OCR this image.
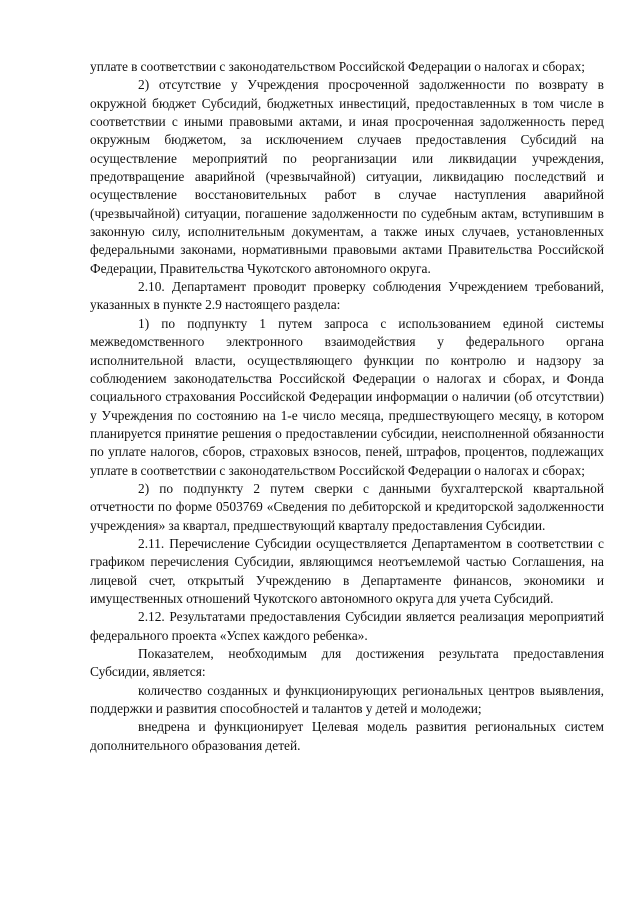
уплате в соответствии с законодательством Российской Федерации о налогах и сборах;

2) отсутствие у Учреждения просроченной задолженности по возврату в окружной бюджет Субсидий, бюджетных инвестиций, предоставленных в том числе в соответствии с иными правовыми актами, и иная просроченная задолженность перед окружным бюджетом, за исключением случаев предоставления Субсидий на осуществление мероприятий по реорганизации или ликвидации учреждения, предотвращение аварийной (чрезвычайной) ситуации, ликвидацию последствий и осуществление восстановительных работ в случае наступления аварийной (чрезвычайной) ситуации, погашение задолженности по судебным актам, вступившим в законную силу, исполнительным документам, а также иных случаев, установленных федеральными законами, нормативными правовыми актами Правительства Российской Федерации, Правительства Чукотского автономного округа.

2.10. Департамент проводит проверку соблюдения Учреждением требований, указанных в пункте 2.9 настоящего раздела:

1) по подпункту 1 путем запроса с использованием единой системы межведомственного электронного взаимодействия у федерального органа исполнительной власти, осуществляющего функции по контролю и надзору за соблюдением законодательства Российской Федерации о налогах и сборах, и Фонда социального страхования Российской Федерации информации о наличии (об отсутствии) у Учреждения по состоянию на 1-е число месяца, предшествующего месяцу, в котором планируется принятие решения о предоставлении субсидии, неисполненной обязанности по уплате налогов, сборов, страховых взносов, пеней, штрафов, процентов, подлежащих уплате в соответствии с законодательством Российской Федерации о налогах и сборах;

2) по подпункту 2 путем сверки с данными бухгалтерской квартальной отчетности по форме 0503769 «Сведения по дебиторской и кредиторской задолженности учреждения» за квартал, предшествующий кварталу предоставления Субсидии.

2.11. Перечисление Субсидии осуществляется Департаментом в соответствии с графиком перечисления Субсидии, являющимся неотъемлемой частью Соглашения, на лицевой счет, открытый Учреждению в Департаменте финансов, экономики и имущественных отношений Чукотского автономного округа для учета Субсидий.

2.12. Результатами предоставления Субсидии является реализация мероприятий федерального проекта «Успех каждого ребенка».

Показателем, необходимым для достижения результата предоставления Субсидии, является:

количество созданных и функционирующих региональных центров выявления, поддержки и развития способностей и талантов у детей и молодежи;

внедрена и функционирует Целевая модель развития региональных систем дополнительного образования детей.
